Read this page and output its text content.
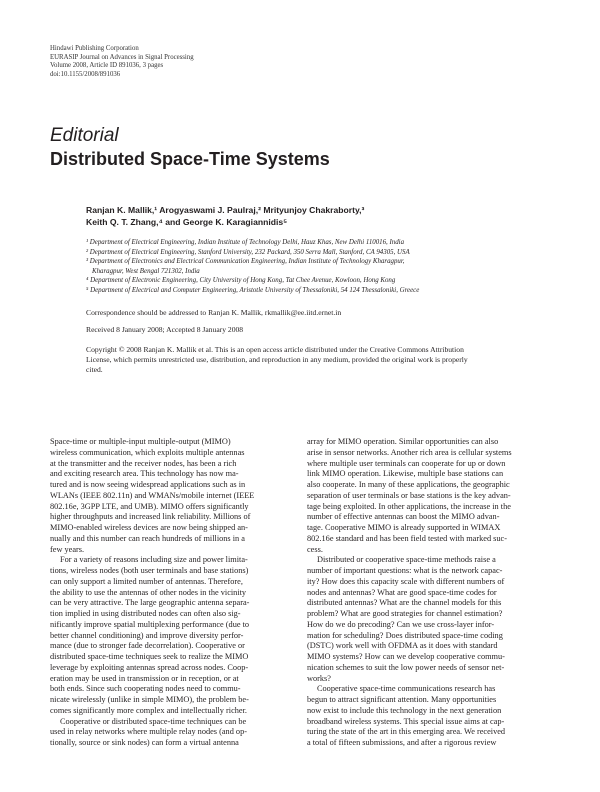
Hindawi Publishing Corporation
EURASIP Journal on Advances in Signal Processing
Volume 2008, Article ID 891036, 3 pages
doi:10.1155/2008/891036
Editorial
Distributed Space-Time Systems
Ranjan K. Mallik,¹ Arogyaswami J. Paulraj,² Mrityunjoy Chakraborty,³
Keith Q. T. Zhang,⁴ and George K. Karagiannidis⁵
¹ Department of Electrical Engineering, Indian Institute of Technology Delhi, Hauz Khas, New Delhi 110016, India
² Department of Electrical Engineering, Stanford University, 232 Packard, 350 Serra Mall, Stanford, CA 94305, USA
³ Department of Electronics and Electrical Communication Engineering, Indian Institute of Technology Kharagpur,
Kharagpur, West Bengal 721302, India
⁴ Department of Electronic Engineering, City University of Hong Kong, Tat Chee Avenue, Kowloon, Hong Kong
⁵ Department of Electrical and Computer Engineering, Aristotle University of Thessaloniki, 54 124 Thessaloniki, Greece
Correspondence should be addressed to Ranjan K. Mallik, rkmallik@ee.iitd.ernet.in
Received 8 January 2008; Accepted 8 January 2008
Copyright © 2008 Ranjan K. Mallik et al. This is an open access article distributed under the Creative Commons Attribution
License, which permits unrestricted use, distribution, and reproduction in any medium, provided the original work is properly
cited.
Space-time or multiple-input multiple-output (MIMO)
wireless communication, which exploits multiple antennas
at the transmitter and the receiver nodes, has been a rich
and exciting research area. This technology has now ma-
tured and is now seeing widespread applications such as in
WLANs (IEEE 802.11n) and WMANs/mobile internet (IEEE
802.16e, 3GPP LTE, and UMB). MIMO offers significantly
higher throughputs and increased link reliability. Millions of
MIMO-enabled wireless devices are now being shipped an-
nually and this number can reach hundreds of millions in a
few years.
For a variety of reasons including size and power limita-
tions, wireless nodes (both user terminals and base stations)
can only support a limited number of antennas. Therefore,
the ability to use the antennas of other nodes in the vicinity
can be very attractive. The large geographic antenna separa-
tion implied in using distributed nodes can often also sig-
nificantly improve spatial multiplexing performance (due to
better channel conditioning) and improve diversity perfor-
mance (due to stronger fade decorrelation). Cooperative or
distributed space-time techniques seek to realize the MIMO
leverage by exploiting antennas spread across nodes. Coop-
eration may be used in transmission or in reception, or at
both ends. Since such cooperating nodes need to commu-
nicate wirelessly (unlike in simple MIMO), the problem be-
comes significantly more complex and intellectually richer.
Cooperative or distributed space-time techniques can be
used in relay networks where multiple relay nodes (and op-
tionally, source or sink nodes) can form a virtual antenna
array for MIMO operation. Similar opportunities can also
arise in sensor networks. Another rich area is cellular systems
where multiple user terminals can cooperate for up or down
link MIMO operation. Likewise, multiple base stations can
also cooperate. In many of these applications, the geographic
separation of user terminals or base stations is the key advan-
tage being exploited. In other applications, the increase in the
number of effective antennas can boost the MIMO advan-
tage. Cooperative MIMO is already supported in WIMAX
802.16e standard and has been field tested with marked suc-
cess.
Distributed or cooperative space-time methods raise a
number of important questions: what is the network capac-
ity? How does this capacity scale with different numbers of
nodes and antennas? What are good space-time codes for
distributed antennas? What are the channel models for this
problem? What are good strategies for channel estimation?
How do we do precoding? Can we use cross-layer infor-
mation for scheduling? Does distributed space-time coding
(DSTC) work well with OFDMA as it does with standard
MIMO systems? How can we develop cooperative commu-
nication schemes to suit the low power needs of sensor net-
works?
Cooperative space-time communications research has
begun to attract significant attention. Many opportunities
now exist to include this technology in the next generation
broadband wireless systems. This special issue aims at cap-
turing the state of the art in this emerging area. We received
a total of fifteen submissions, and after a rigorous review
